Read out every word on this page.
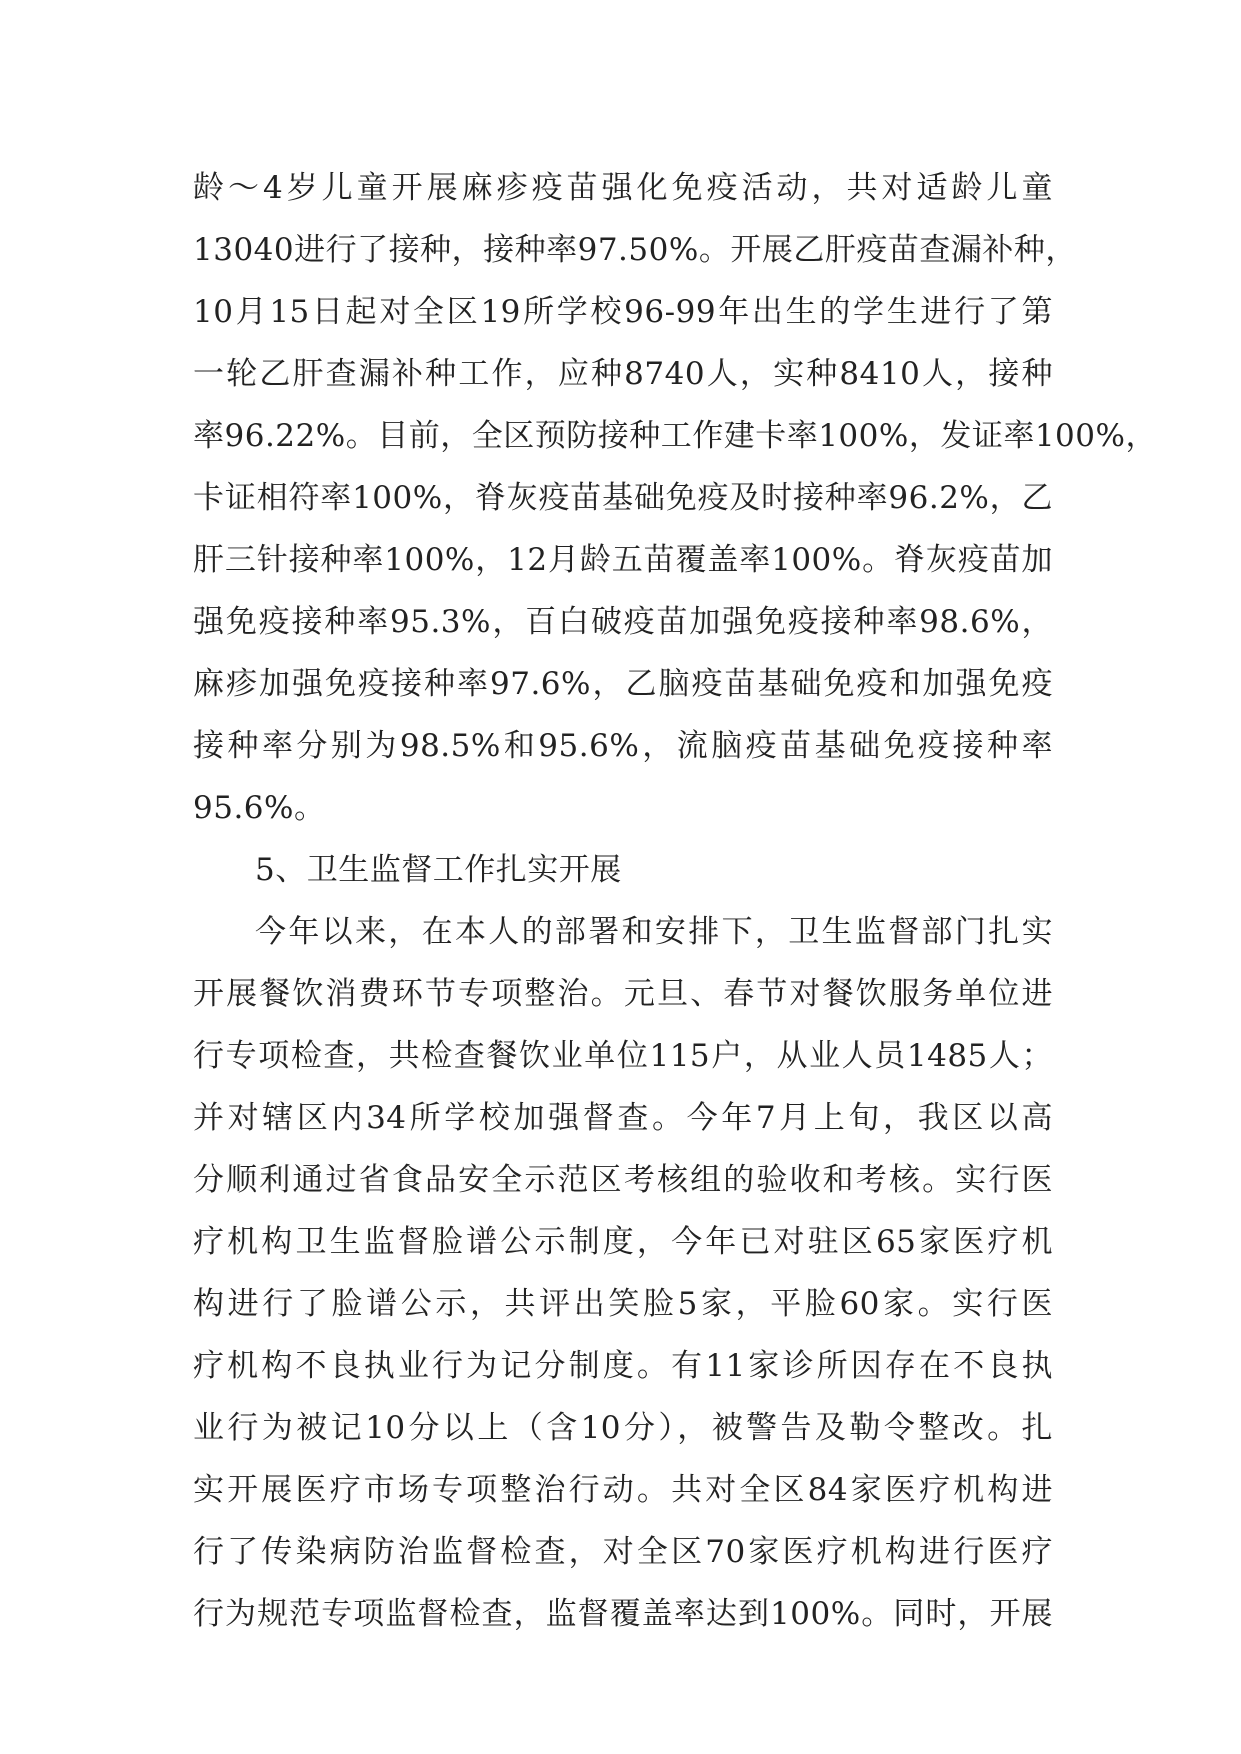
龄～4岁儿童开展麻疹疫苗强化免疫活动，共对适龄儿童
13040进行了接种，接种率97.50%。开展乙肝疫苗查漏补种，
10月15日起对全区19所学校96-99年出生的学生进行了第
一轮乙肝查漏补种工作，应种8740人，实种8410人，接种
率96.22%。目前，全区预防接种工作建卡率100%，发证率100%，
卡证相符率100%，脊灰疫苗基础免疫及时接种率96.2%，乙
肝三针接种率100%，12月龄五苗覆盖率100%。脊灰疫苗加
强免疫接种率95.3%，百白破疫苗加强免疫接种率98.6%，
麻疹加强免疫接种率97.6%，乙脑疫苗基础免疫和加强免疫
接种率分别为98.5%和95.6%，流脑疫苗基础免疫接种率
95.6%。
5、卫生监督工作扎实开展
今年以来，在本人的部署和安排下，卫生监督部门扎实
开展餐饮消费环节专项整治。元旦、春节对餐饮服务单位进
行专项检查，共检查餐饮业单位115户，从业人员1485人；
并对辖区内34所学校加强督查。今年7月上旬，我区以高
分顺利通过省食品安全示范区考核组的验收和考核。实行医
疗机构卫生监督脸谱公示制度，今年已对驻区65家医疗机
构进行了脸谱公示，共评出笑脸5家，平脸60家。实行医
疗机构不良执业行为记分制度。有11家诊所因存在不良执
业行为被记10分以上（含10分），被警告及勒令整改。扎
实开展医疗市场专项整治行动。共对全区84家医疗机构进
行了传染病防治监督检查，对全区70家医疗机构进行医疗
行为规范专项监督检查，监督覆盖率达到100%。同时，开展
